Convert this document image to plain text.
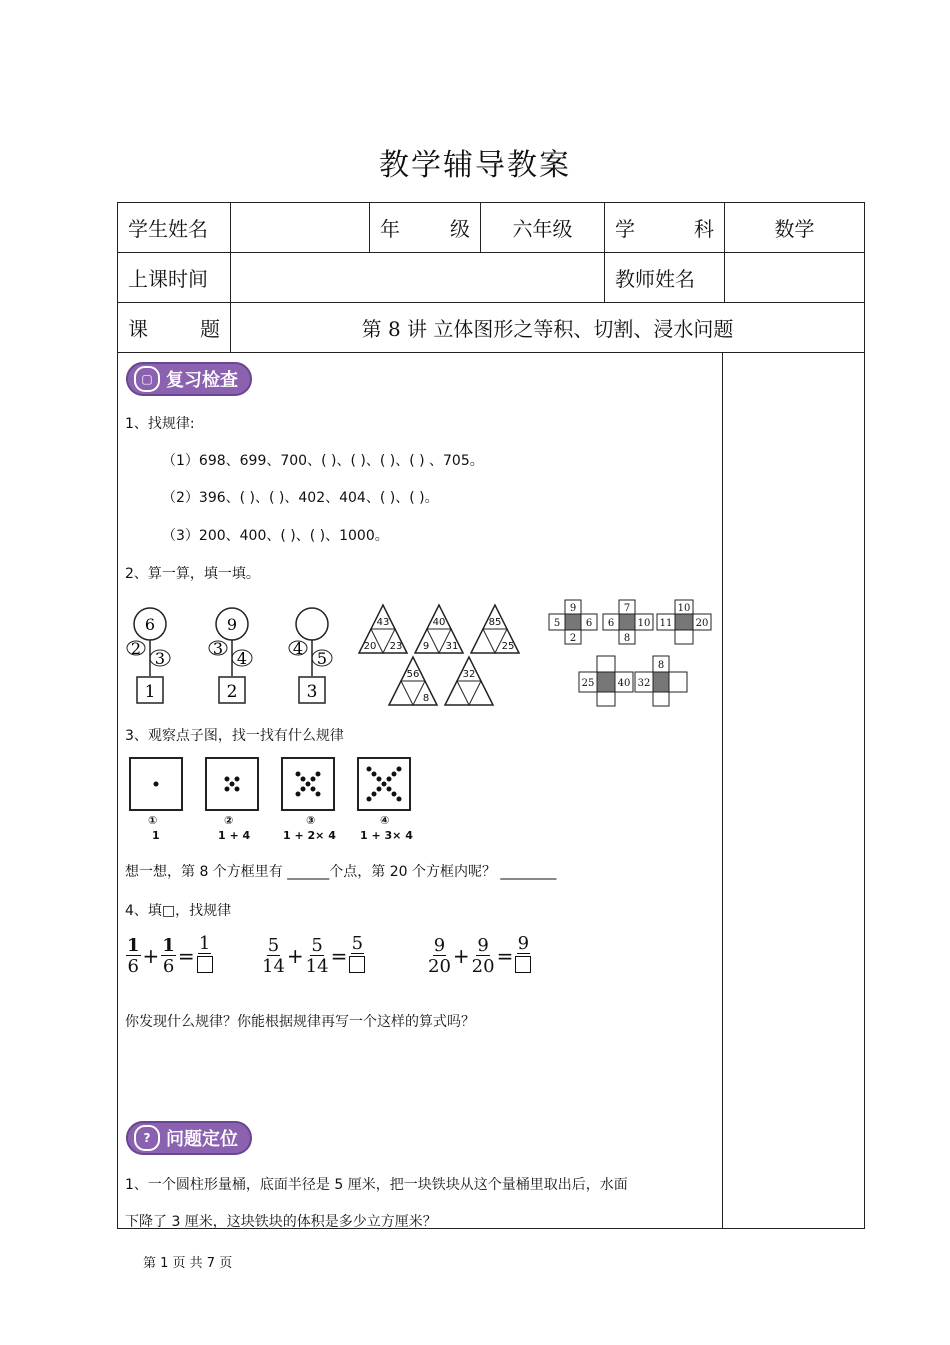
教学辅导教案
学生姓名		年 级	六年级	学 科	数学
上课时间				教师姓名	

课 题	第 8 讲 立体图形之等积、切割、浸水问题				
▢ 复习检查
1、找规律:
（1）698、699、700、( )、( )、( )、( ) 、705。
（2）396、( )、( )、402、404、( )、( )。
（3）200、400、( )、( )、1000。
2、算一算，填一填。
6
2
3
1
9
3
4
2
4
5
3
43
20 23
40
9 31
85
25
56
8
32
9
5	6
2
7
6 10
8
10
11 20
25 40
8
32
3、观察点子图，找一找有什么规律
①
1
②
1 + 4
③
1 + 2× 4
④
1 + 3× 4
想一想，第 8 个方框里有 ______个点，第 20 个方框内呢？ ________
4、填□，找规律
$\frac{1}{6} + \frac{1}{6}$ =
1	$\frac{5}{14} + \frac{5}{14}$ =
5	$\frac{9}{20} + \frac{9}{20}$ =
9
你发现什么规律？你能根据规律再写一个这样的算式吗？
? 问题定位
1、一个圆柱形量桶，底面半径是 5 厘米，把一块铁块从这个量桶里取出后，水面
下降了 3 厘米，这块铁块的体积是多少立方厘米？
第 1 页 共 7 页
